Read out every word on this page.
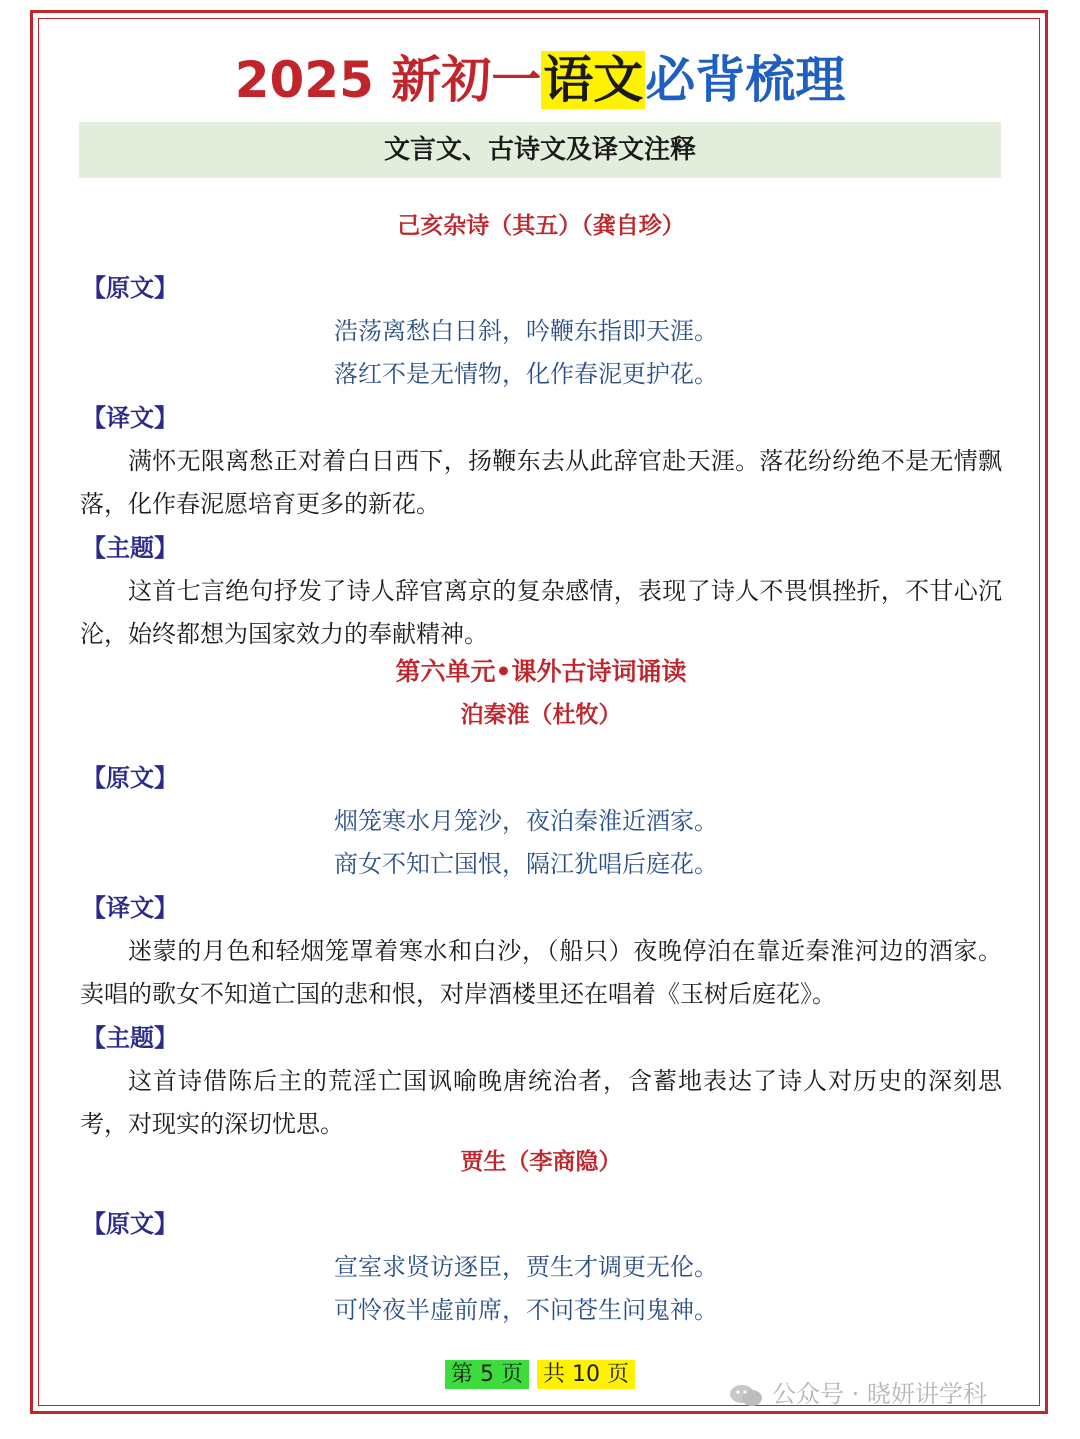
2025 新初一语文必背梳理
文言文、古诗文及译文注释
己亥杂诗（其五）（龚自珍）
【原文】
浩荡离愁白日斜，吟鞭东指即天涯。
落红不是无情物，化作春泥更护花。
【译文】

满怀无限离愁正对着白日西下，扬鞭东去从此辞官赴天涯。落花纷纷绝不是无情飘落，化作春泥愿培育更多的新花。

【主题】

这首七言绝句抒发了诗人辞官离京的复杂感情，表现了诗人不畏惧挫折，不甘心沉沦，始终都想为国家效力的奉献精神。

第六单元•课外古诗词诵读
泊秦淮（杜牧）
【原文】
烟笼寒水月笼沙，夜泊秦淮近酒家。
商女不知亡国恨，隔江犹唱后庭花。
【译文】

迷蒙的月色和轻烟笼罩着寒水和白沙，（船只）夜晚停泊在靠近秦淮河边的酒家。卖唱的歌女不知道亡国的悲和恨，对岸酒楼里还在唱着《玉树后庭花》。

【主题】

这首诗借陈后主的荒淫亡国讽喻晚唐统治者，含蓄地表达了诗人对历史的深刻思考，对现实的深切忧思。

贾生（李商隐）
【原文】
宣室求贤访逐臣，贾生才调更无伦。
可怜夜半虚前席，不问苍生问鬼神。
第 5 页 共 10 页
公众号 · 晓妍讲学科
